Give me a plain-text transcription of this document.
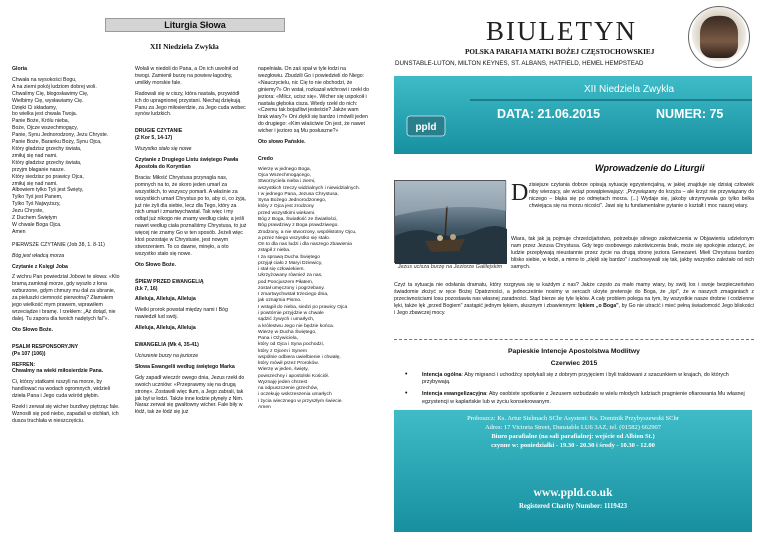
Liturgia Słowa
XII Niedziela Zwykła

Gloria

Chwała na wysokości Bogu,
A na ziemi pokój ludziom dobrej woli.
Chwalimy Cię, błogosławimy Cię,
Wielbimy Cię, wysławiamy Cię.
Dzięki Ci składamy,
bo wielka jest chwała Twoja.
Panie Boże, Królu nieba,
Boże, Ojcze wszechmogący,
Panie, Synu Jednorodzony, Jezu Chryste.
Panie Boże, Baranku Boży, Synu Ojca,
Który gładzisz grzechy świata,
zmiłuj się nad nami.
Który gładzisz grzechy świata,
przyjm błaganie nasze.
Który siedzisz po prawicy Ojca,
zmiłuj się nad nami.
Albowiem tylko Tyś jest Święty,
Tylko Tyś jest Panem,
Tylko Tyś Najwyższy,
Jezu Chryste,
Z Duchem Świętym
W chwale Boga Ojca.
Amen

PIERWSZE CZYTANIE (Job 38, 1. 8-11)

Bóg jest władcą morza

Czytanie z Księgi Joba

Z wichru Pan powiedział Jobowi te słowa: «Kto bramą zamknął morze, gdy wyszło z łona wzburzone, gdym chmury mu dał za ubranie, za pieluszki ciemność pierwotną? Złamałem jego wielkość mym prawem, wprawiłem wrzeciądze i bramę. I rzekłem: „Aż dotąd, nie dalej. Tu zapora dla twoich nadętych fal"».

Oto Słowo Boże.

PSALM RESPONSORYJNY
(Ps 107 (106))

REFREN:
Chwalmy na wieki miłosierdzie Pana.

Ci, którzy statkami ruszyli na morze, by handlować na wodach ogromnych, widzieli dzieła Pana i Jego cuda wśród głębin.

Rzekł i zerwał się wicher burzliwy piętrząc fale. Wznosili się pod niebo, zapadali w otchłań, ich dusza truchlała w nieszczęściu.

Wołali w niedoli do Pana, a On ich uwolnił od trwogi. Zamienił burzę na powiew łagodny, umilkły morskie fale.

Radowali się w ciszy, która nastała, przywiódł ich do upragnionej przystani. Niechaj dziękują Panu za Jego miłosierdzie, za Jego cuda wobec synów ludzkich.

DRUGIE CZYTANIE
(2 Kor 5, 14-17)

Wszystko stało się nowe

Czytanie z Drugiego Listu świętego Pawła Apostoła do Koryntian

Bracia: Miłość Chrystusa przynagla nas, pomnych na to, że skoro jeden umarł za wszystkich, to wszyscy pomarli. A właśnie za wszystkich umarł Chrystus po to, aby ci, co żyją, już nie żyli dla siebie, lecz dla Tego, który za nich umarł i zmartwychwstał. Tak więc i my odtąd już nikogo nie znamy według ciała; a jeśli nawet według ciała poznaliśmy Chrystusa, to już więcej nie znamy Go w ten sposób. Jeżeli więc ktoś pozostaje w Chrystusie, jest nowym stworzeniem. To co dawne, minęło, a oto wszystko stało się nowe.

Oto Słowo Boże.

ŚPIEW PRZED EWANGELIĄ
(Łk 7, 16)

Alleluja, Alleluja, Alleluja

Wielki prorok powstał między nami i Bóg nawiedził lud swój.

Alleluja, Alleluja, Alleluja

EWANGELIA (Mk 4, 35-41)

Uciszenie burzy na jeziorze

Słowa Ewangelii według świętego Marka

Gdy zapadł wieczór owego dnia, Jezus rzekł do swoich uczniów: «Przeprawmy się na drugą stronę». Zostawili więc tłum, a Jego zabrali, tak jak był w łodzi. Także inne łodzie płynęły z Nim. Naraz zerwał się gwałtowny wicher. Fale biły w łódź, tak że łódź się już

napełniała. On zaś spał w tyle łodzi na wezgłowiu. Zbudzili Go i powiedzieli do Niego: «Nauczycielu, nic Cię to nie obchodzi, że giniemy?» On wstał, rozkazał wichrowi i rzekł do jeziora: «Milcz, ucisz się». Wicher się uspokoił i nastała głęboka cisza. Wtedy rzekł do nich: «Czemu tak bojaźliwi jesteście? Jakże wam brak wiary?» Oni zlękli się bardzo i mówili jeden do drugiego: «Kim właściwie On jest, że nawet wicher i jezioro są Mu posłuszne?»

Oto słowo Pańskie.

Credo

Wierzę w jednego Boga,
Ojca Wszechmogącego,
Stworzyciela nieba i ziemi,
wszystkich rzeczy widzialnych i niewidzialnych.
I w jednego Pana, Jezusa Chrystusa,
Syna Bożego Jednorodzonego,
który z Ojca jest zrodzony
przed wszystkimi wiekami.
Bóg z Boga, Światłość ze Światłości,
Bóg prawdziwy z Boga prawdziwego.
Zrodzony, a nie stworzony, współistotny Ojcu,
a przez Niego wszystko się stało.
On to dla nas ludzi i dla naszego zbawienia
zstąpił z nieba.
I za sprawą Ducha Świętego
przyjął ciało z Maryi Dziewicy,
i stał się człowiekiem.
Ukrzyżowany również za nas,
pod Poncjuszem Piłatem,
został umęczony i pogrzebany.
I zmartwychwstał trzeciego dnia,
jak oznajmia Pismo.
I wstąpił do nieba, siedzi po prawicy Ojca
i powtórnie przyjdzie w chwale
sądzić żywych i umarłych,
a królestwu Jego nie będzie końca.
Wierzę w Ducha Świętego,
Pana i Ożywiciela,
który od Ojca i Syna pochodzi,
który z Ojcem i Synem
wspólnie odbiera uwielbienie i chwałę,
który mówił przez Proroków.
Wierzę w jeden, święty,
powszechny i apostolski Kościół.
Wyznaję jeden chrzest
na odpuszczenie grzechów,
i oczekuję wskrzeszenia umarłych
i życia wiecznego w przyszłym świecie.
Amen
BIULETYN
POLSKA PARAFIA MATKI BOŻEJ CZĘSTOCHOWSKIEJ
DUNSTABLE-LUTON, MILTON KEYNES, ST. ALBANS, HATFIELD, HEMEL HEMPSTEAD
ppld
XII Niedziela Zwykła
DATA: 21.06.2015	NUMER: 75
Wprowadzenie do Liturgii
Jezus ucisza burzę na Jeziorze Galilejskim
D zisiejsze czytania dobrze opisują sytuację egzystencjalną, w jakiej znajduje się dzisiaj człowiek niby wierzący, ale wciąż powątpiewający: „Przywiązany do krzyża – ale krzyż nie przywiązany do niczego – błąka się po odmętach morza. (...) Wydaje się, jakoby utrzymywała go tylko belka chwiejąca się na morzu nicości". Jawi się tu fundamentalne pytanie o kształt i moc naszej wiary.
Wiara, tak jak ją pojmuje chrześcijaństwo, potrzebuje silnego zakotwiczenia w Objawieniu udzielonym nam przez Jezusa Chrystusa. Gdy tego osobowego zakotwiczenia brak, może się spokojnie zdarzyć, że ludzie przepływają nieustannie przez życie na drugą stronę jeziora Genezaret. Mieli Chrystusa bardzo blisko siebie, w łodzi, a mimo to „zlękli się bardzo" i zachowywali się tak, jakby wszystko zależało od nich samych.
Czyż ta sytuacja nie odsłania dramatu, który rozgrywa się w każdym z nas? Jakże często za mało mamy wiary, by swój los i swoje bezpieczeństwo świadomie złożyć w ręce Bożej Opatrzności, a jednocześnie nosimy w sercach ukryte pretensje do Boga, że „śpi", że w naszych zmaganiach z przeciwnościami losu pozostawia nas własnej zaradności. Stąd bierze się tyle lęków. A cały problem polega na tym, by wszystkie nasze drobne i codzienne lęki, także lęk „przed Bogiem" zastąpić jednym lękiem, słusznym i zbawiennym: lękiem „o Boga", by Go nie utracić i mieć pełną świadomość Jego bliskości i Jego zbawczej mocy.
Papieskie Intencje Apostolstwa Modlitwy
Czerwiec 2015
• Intencja ogólna: Aby migranci i uchodźcy spotykali się z dobrym przyjęciem i byli traktowani z szacunkiem w krajach, do których przybywają.
• Intencja ewangelizacyjna: Aby osobiste spotkanie z Jezusem wzbudzało w wielu młodych ludziach pragnienie ofiarowania Mu własnej egzystencji w kapłańskie lub w życiu konsekrowanym.
Proboszcz: Ks. Artur Stelmach SChr Asystent: Ks. Dominik Przybyszewski SChr
Adres: 17 Victoria Street, Dunstable LU6 3AZ, tel. (01582) 662907
Biuro parafialne (na sali parafialnej: wejście od Albion St.)
czynne w: poniedziałki - 19.30 - 20.30 i środy - 10.30 - 12.00
www.ppld.co.uk
Registered Charity Number: 1119423
